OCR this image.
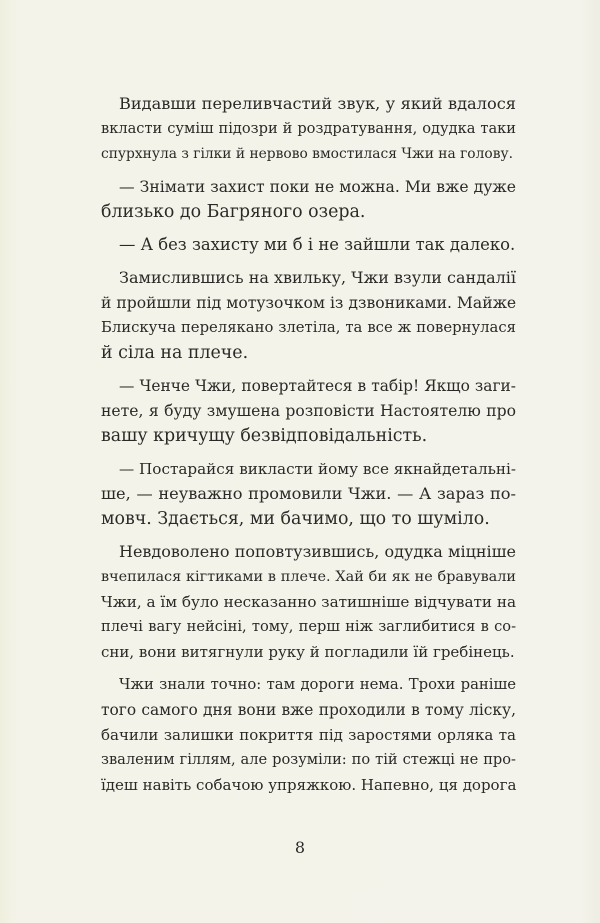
Видавши переливчастий звук, у який вдалося
вкласти суміш підозри й роздратування, одудка таки
спурхнула з гілки й нервово вмостилася Чжи на голову.

— Знімати захист поки не можна. Ми вже дуже
близько до Багряного озера.

— А без захисту ми б і не зайшли так далеко.

Замислившись на хвильку, Чжи взули сандалії
й пройшли під мотузочком із дзвониками. Майже
Блискуча перелякано злетіла, та все ж повернулася
й сіла на плече.

— Ченче Чжи, повертайтеся в табір! Якщо заги-
нете, я буду змушена розповісти Настоятелю про
вашу кричущу безвідповідальність.

— Постарайся викласти йому все якнайдетальні-
ше, — неуважно промовили Чжи. — А зараз по-
мовч. Здається, ми бачимо, що то шуміло.

Невдоволено поповтузившись, одудка міцніше
вчепилася кігтиками в плече. Хай би як не бравували
Чжи, а їм було несказанно затишніше відчувати на
плечі вагу нейсіні, тому, перш ніж заглибитися в со-
сни, вони витягнули руку й погладили їй гребінець.

Чжи знали точно: там дороги нема. Трохи раніше
того самого дня вони вже проходили в тому ліску,
бачили залишки покриття під заростями орляка та
зваленим гіллям, але розуміли: по тій стежці не про-
їдеш навіть собачою упряжкою. Напевно, ця дорога

8
